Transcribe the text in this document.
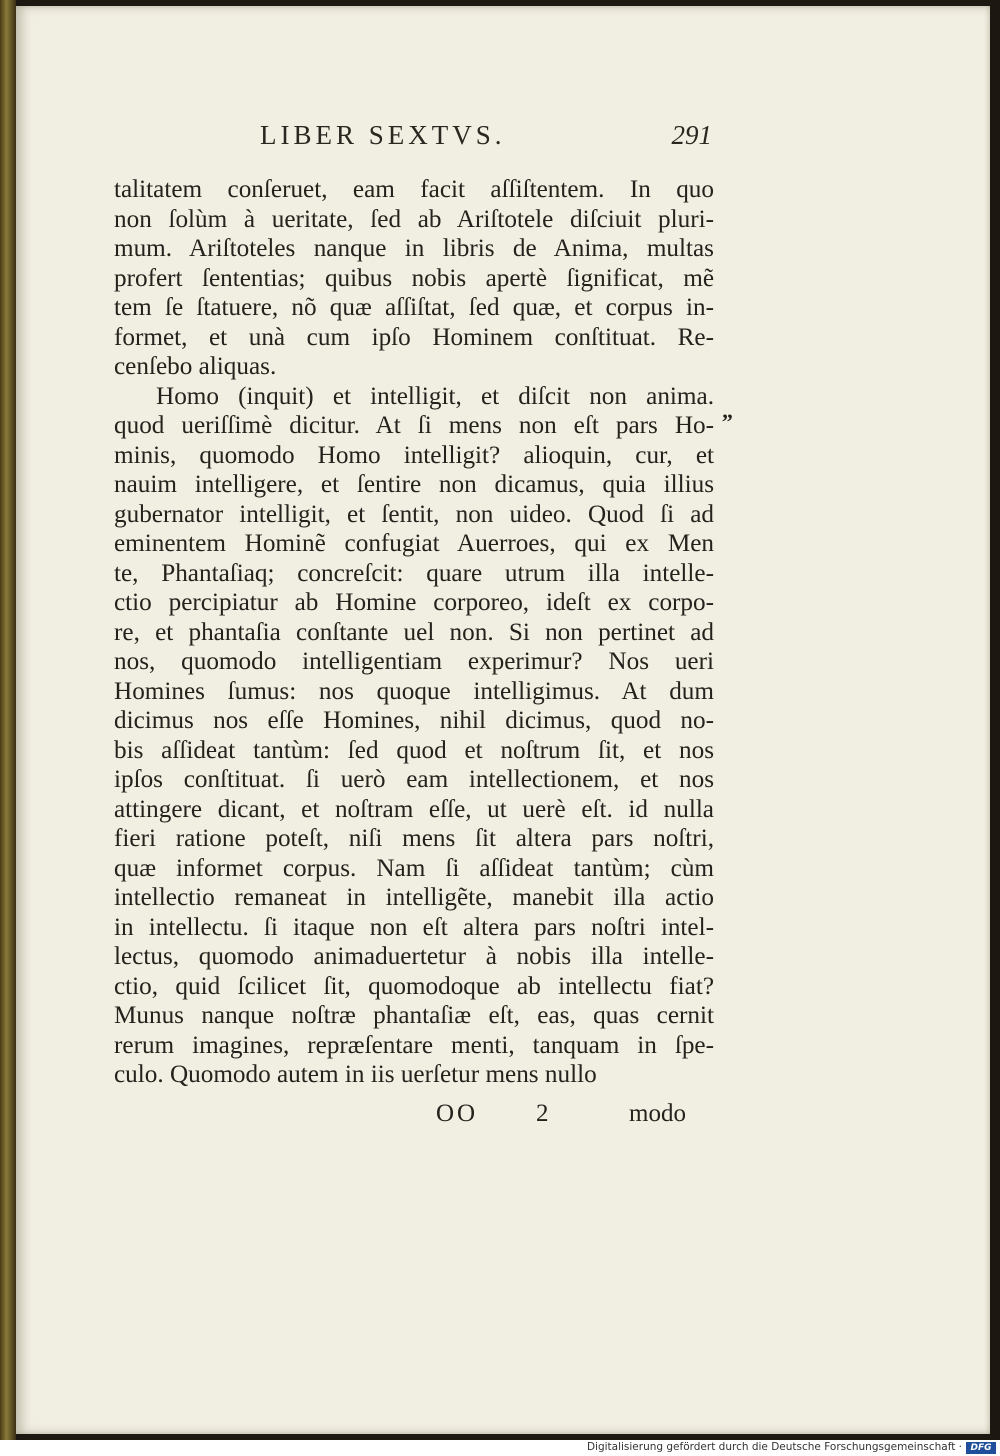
LIBER SEXTVS.	291
talitatem conſeruet, eam facit aſſiſtentem. In quo
non ſolùm à ueritate, ſed ab Ariſtotele diſciuit pluri-
mum. Ariſtoteles nanque in libris de Anima, multas
profert ſententias; quibus nobis apertè ſignificat, mẽ
tem ſe ſtatuere, nõ quæ aſſiſtat, ſed quæ, et corpus in-
formet, et unà cum ipſo Hominem conſtituat. Re-
cenſebo aliquas.
Homo (inquit) et intelligit, et diſcit non anima.
quod ueriſſimè dicitur. At ſi mens non eſt pars Ho-
minis, quomodo Homo intelligit? alioquin, cur, et
nauim intelligere, et ſentire non dicamus, quia illius
gubernator intelligit, et ſentit, non uideo. Quod ſi ad
eminentem Hominẽ confugiat Auerroes, qui ex Men
te, Phantaſiaq; concreſcit: quare utrum illa intelle-
ctio percipiatur ab Homine corporeo, ideſt ex corpo-
re, et phantaſia conſtante uel non. Si non pertinet ad
nos, quomodo intelligentiam experimur? Nos ueri
Homines ſumus: nos quoque intelligimus. At dum
dicimus nos eſſe Homines, nihil dicimus, quod no-
bis aſſideat tantùm: ſed quod et noſtrum ſit, et nos
ipſos conſtituat. ſi uerò eam intellectionem, et nos
attingere dicant, et noſtram eſſe, ut uerè eſt. id nulla
fieri ratione poteſt, niſi mens ſit altera pars noſtri,
quæ informet corpus. Nam ſi aſſideat tantùm; cùm
intellectio remaneat in intelligẽte, manebit illa actio
in intellectu. ſi itaque non eſt altera pars noſtri intel-
lectus, quomodo animaduertetur à nobis illa intelle-
ctio, quid ſcilicet ſit, quomodoque ab intellectu fiat?
Munus nanque noſtræ phantaſiæ eſt, eas, quas cernit
rerum imagines, repræſentare menti, tanquam in ſpe-
culo. Quomodo autem in iis uerſetur mens nullo
„
OO 2	modo
Digitalisierung gefördert durch die Deutsche Forschungsgemeinschaft · DFG
